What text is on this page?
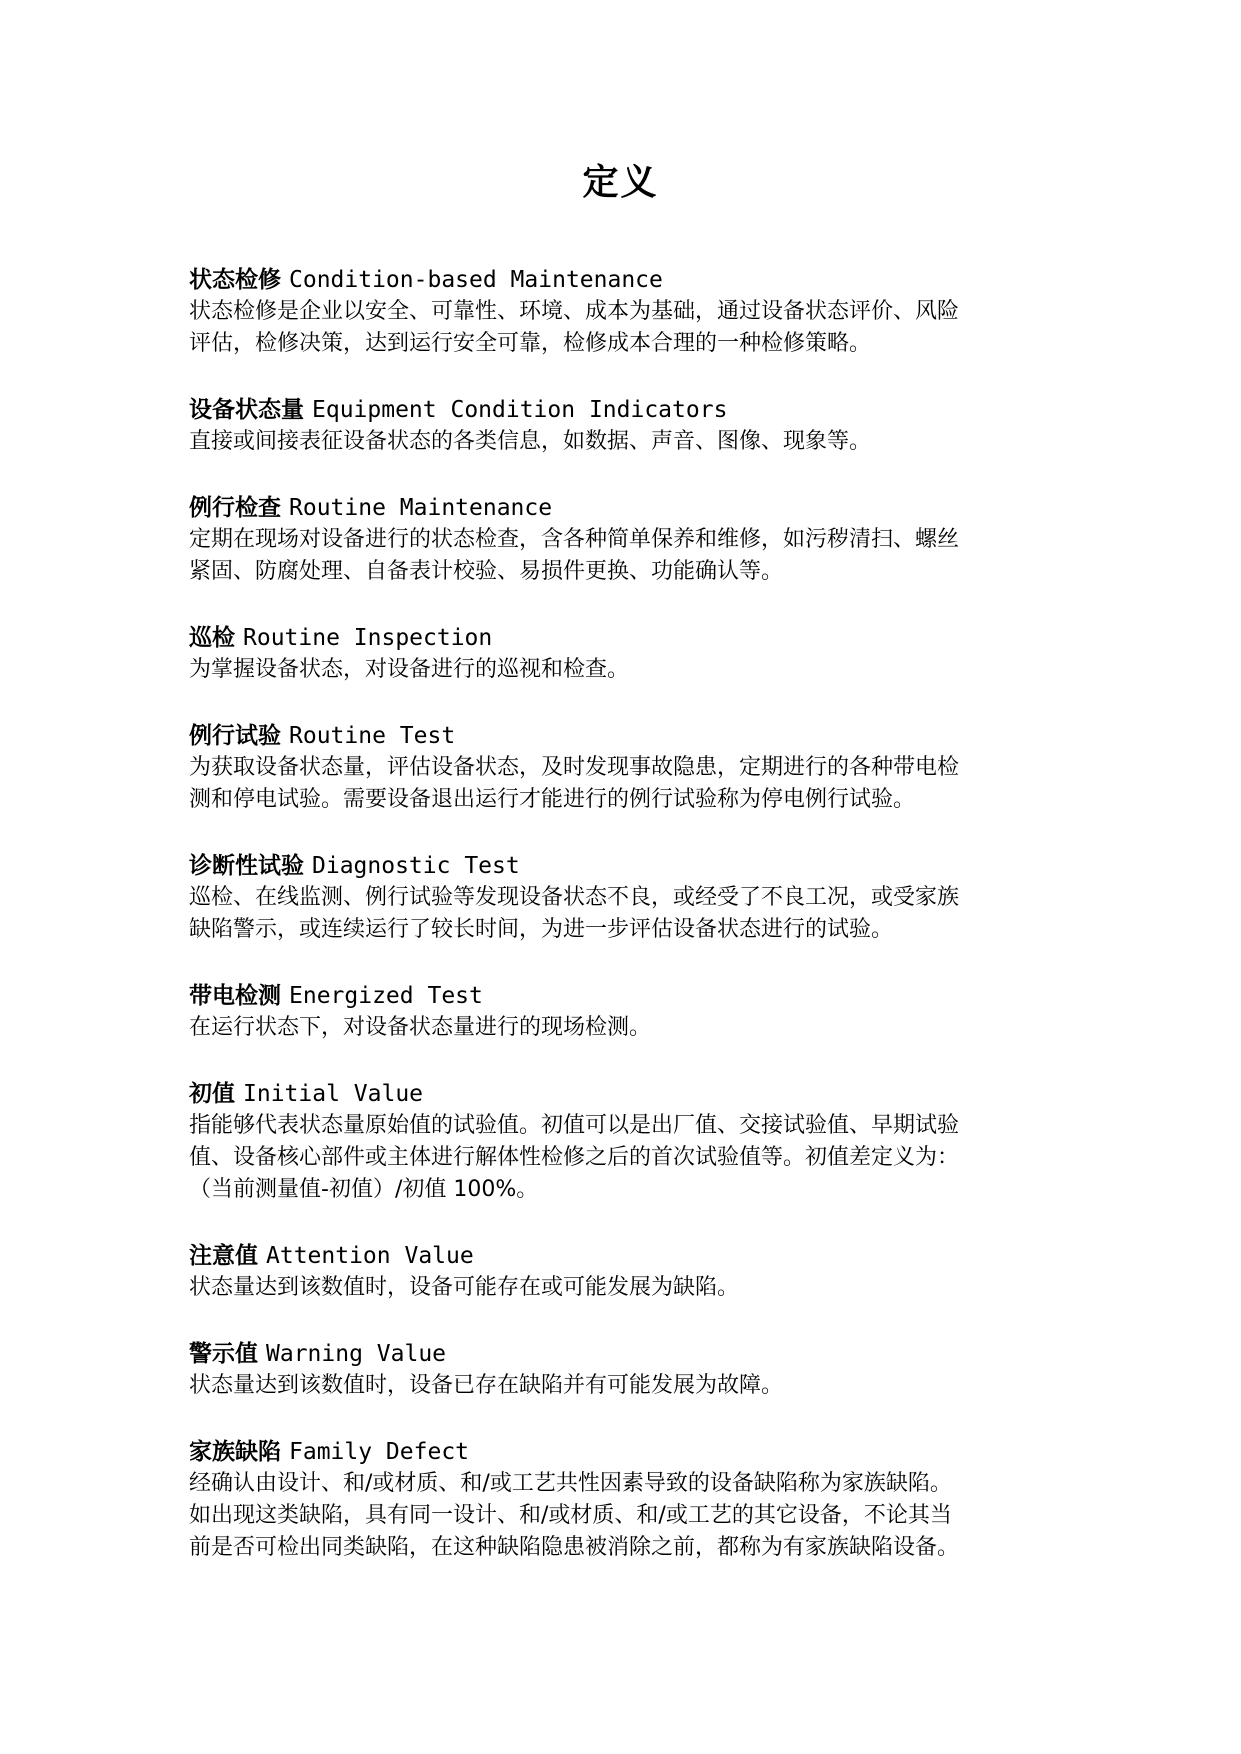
定义
状态检修 Condition-based Maintenance
状态检修是企业以安全、可靠性、环境、成本为基础，通过设备状态评价、风险
评估，检修决策，达到运行安全可靠，检修成本合理的一种检修策略。
设备状态量 Equipment Condition Indicators
直接或间接表征设备状态的各类信息，如数据、声音、图像、现象等。
例行检查 Routine Maintenance
定期在现场对设备进行的状态检查，含各种简单保养和维修，如污秽清扫、螺丝
紧固、防腐处理、自备表计校验、易损件更换、功能确认等。
巡检 Routine Inspection
为掌握设备状态，对设备进行的巡视和检查。
例行试验 Routine Test
为获取设备状态量，评估设备状态，及时发现事故隐患，定期进行的各种带电检
测和停电试验。需要设备退出运行才能进行的例行试验称为停电例行试验。
诊断性试验 Diagnostic Test
巡检、在线监测、例行试验等发现设备状态不良，或经受了不良工况，或受家族
缺陷警示，或连续运行了较长时间，为进一步评估设备状态进行的试验。
带电检测 Energized Test
在运行状态下，对设备状态量进行的现场检测。
初值 Initial Value
指能够代表状态量原始值的试验值。初值可以是出厂值、交接试验值、早期试验
值、设备核心部件或主体进行解体性检修之后的首次试验值等。初值差定义为：
（当前测量值-初值）/初值 100%。
注意值 Attention Value
状态量达到该数值时，设备可能存在或可能发展为缺陷。
警示值 Warning Value
状态量达到该数值时，设备已存在缺陷并有可能发展为故障。
家族缺陷 Family Defect
经确认由设计、和/或材质、和/或工艺共性因素导致的设备缺陷称为家族缺陷。
如出现这类缺陷，具有同一设计、和/或材质、和/或工艺的其它设备，不论其当
前是否可检出同类缺陷，在这种缺陷隐患被消除之前，都称为有家族缺陷设备。
